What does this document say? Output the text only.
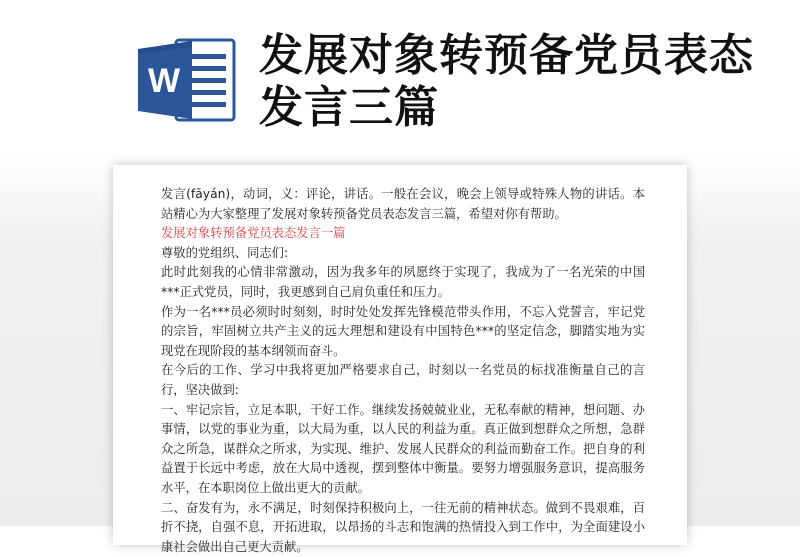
W 发展对象转预备党员表态发言三篇

发言(fāyán)，动词，义：评论，讲话。一般在会议，晚会上领导或特殊人物的讲话。本站精心为大家整理了发展对象转预备党员表态发言三篇，希望对你有帮助。

发展对象转预备党员表态发言一篇

尊敬的党组织、同志们:

此时此刻我的心情非常激动，因为我多年的夙愿终于实现了，我成为了一名光荣的中国***正式党员，同时，我更感到自己肩负重任和压力。

作为一名***员必须时时刻刻，时时处处发挥先锋模范带头作用，不忘入党誓言，牢记党的宗旨，牢固树立共产主义的远大理想和建设有中国特色***的坚定信念，脚踏实地为实现党在现阶段的基本纲领而奋斗。

在今后的工作、学习中我将更加严格要求自己，时刻以一名党员的标找准衡量自己的言行，坚决做到:

一、牢记宗旨，立足本职，干好工作。继续发扬兢兢业业，无私奉献的精神，想问题、办事情，以党的事业为重，以大局为重，以人民的利益为重。真正做到想群众之所想，急群众之所急，谋群众之所求，为实现、维护、发展人民群众的利益而勤奋工作。把自身的利益置于长远中考虑，放在大局中透视，摆到整体中衡量。要努力增强服务意识，提高服务水平，在本职岗位上做出更大的贡献。

二、奋发有为，永不满足，时刻保持积极向上，一往无前的精神状态。做到不畏艰难，百折不挠，自强不息，开拓进取，以昂扬的斗志和饱满的热情投入到工作中，为全面建设小康社会做出自己更大贡献。
